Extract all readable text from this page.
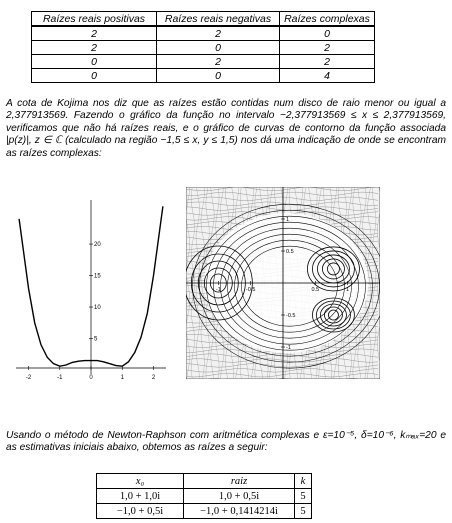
Raízes reais positivas	Raízes reais negativas	Raízes complexas
2	2	0
2	0	2
0	2	2
0	0	4

A cota de Kojima nos diz que as raízes estão contidas num disco de raio menor ou igual a 2,377913569. Fazendo o gráfico da função no intervalo −2,377913569 ≤ x ≤ 2,377913569, verificamos que não há raízes reais, e o gráfico de curvas de contorno da função associada |p(z)|, z ∈ ℂ (calculado na região −1,5 ≤ x, y ≤ 1,5) nos dá uma indicação de onde se encontram as raízes complexas:

-2	-1	0	1	2
5
10
15
20
-1	-0.5	0.5	1
1
0.5
-0.5
-1

Usando o método de Newton-Raphson com aritmética complexas e ε=10⁻⁵, δ=10⁻⁶, kₘₐₓ=20 e as estimativas iniciais abaixo, obtemos as raízes a seguir:

x₀	raiz	k
1,0 + 1,0i	1,0 + 0,5i	5
−1,0 + 0,5i	−1,0 + 0,1414214i	5
